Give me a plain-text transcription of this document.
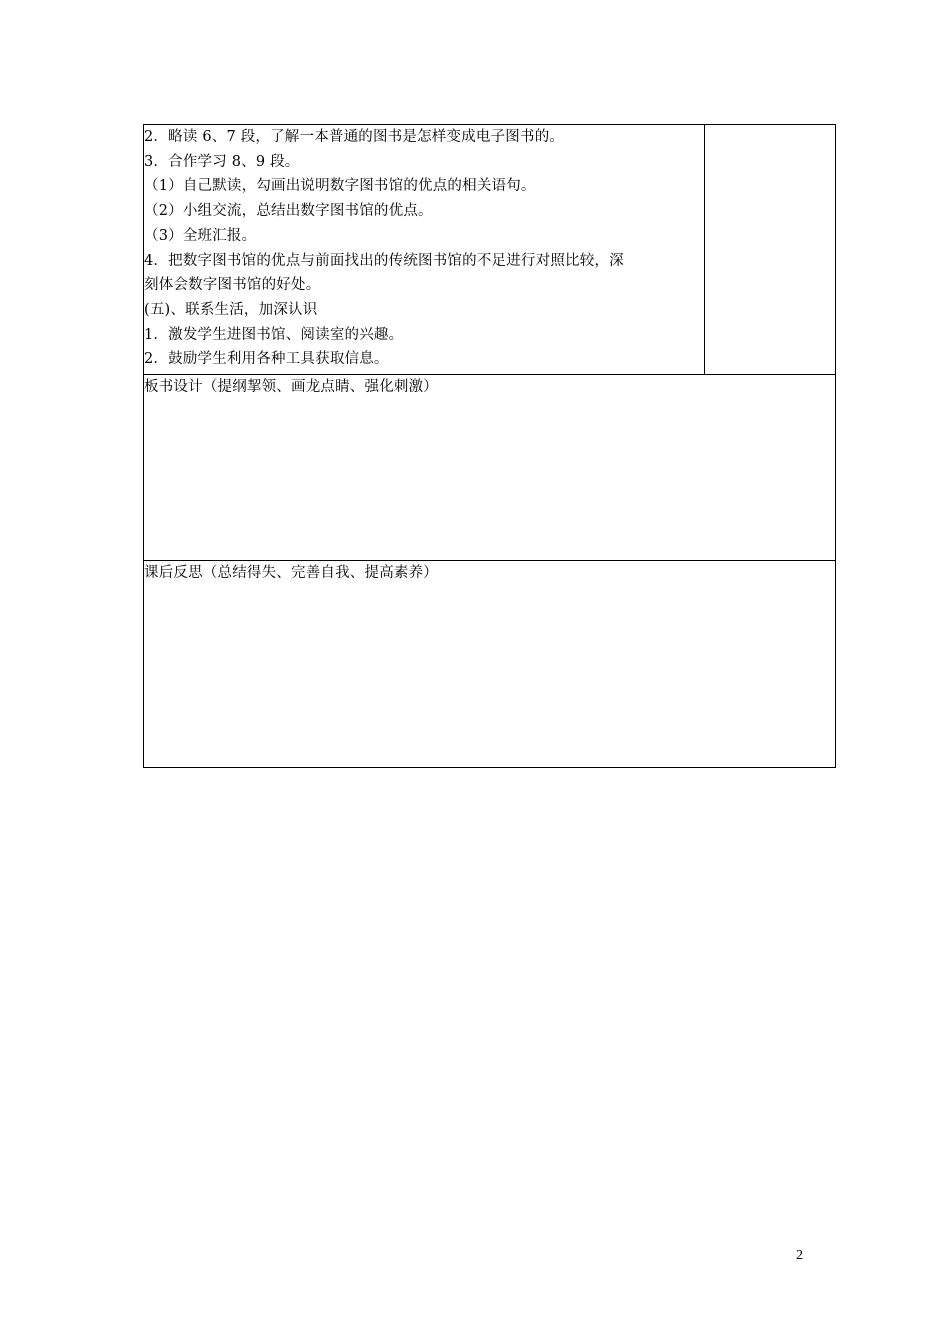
2．略读 6、7 段，了解一本普通的图书是怎样变成电子图书的。
3．合作学习 8、9 段。
（1）自己默读，勾画出说明数字图书馆的优点的相关语句。
（2）小组交流，总结出数字图书馆的优点。
（3）全班汇报。
4．把数字图书馆的优点与前面找出的传统图书馆的不足进行对照比较，深
刻体会数字图书馆的好处。
(五)、联系生活，加深认识
1．激发学生进图书馆、阅读室的兴趣。
2．鼓励学生利用各种工具获取信息。

板书设计（提纲挈领、画龙点睛、强化刺激）

课后反思（总结得失、完善自我、提高素养）
2
